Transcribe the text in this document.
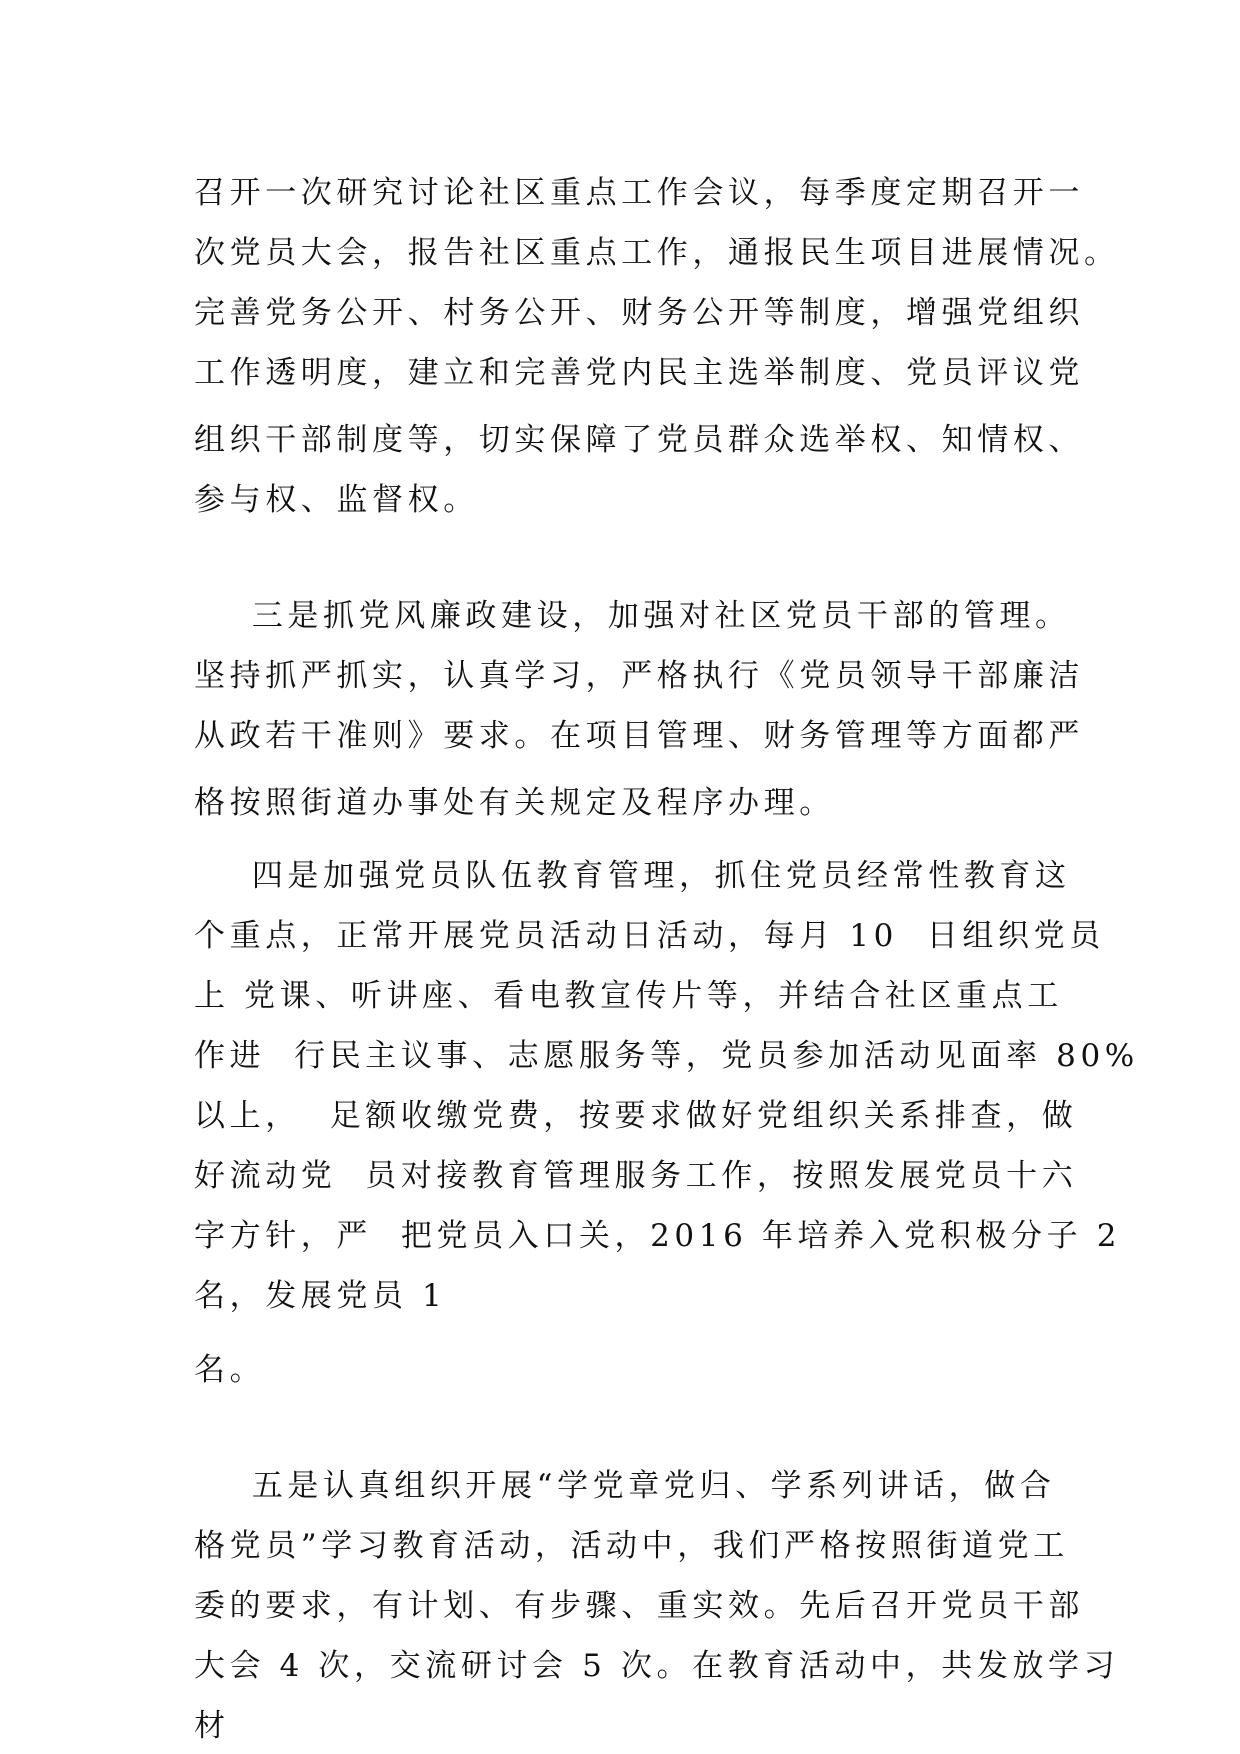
召开一次研究讨论社区重点工作会议，每季度定期召开一
次党员大会，报告社区重点工作，通报民生项目进展情况。
完善党务公开、村务公开、财务公开等制度，增强党组织
工作透明度，建立和完善党内民主选举制度、党员评议党
组织干部制度等，切实保障了党员群众选举权、知情权、
参与权、监督权。
三是抓党风廉政建设，加强对社区党员干部的管理。
坚持抓严抓实，认真学习，严格执行《党员领导干部廉洁
从政若干准则》要求。在项目管理、财务管理等方面都严
格按照街道办事处有关规定及程序办理。
四是加强党员队伍教育管理，抓住党员经常性教育这
个重点，正常开展党员活动日活动，每月 10  日组织党员
上 党课、听讲座、看电教宣传片等，并结合社区重点工
作进  行民主议事、志愿服务等，党员参加活动见面率 80%
以上，  足额收缴党费，按要求做好党组织关系排查，做
好流动党  员对接教育管理服务工作，按照发展党员十六
字方针，严  把党员入口关，2016 年培养入党积极分子 2
名，发展党员 1
名。
五是认真组织开展“学党章党归、学系列讲话，做合
格党员”学习教育活动，活动中，我们严格按照街道党工
委的要求，有计划、有步骤、重实效。先后召开党员干部
大会 4 次，交流研讨会 5 次。在教育活动中，共发放学习
材
